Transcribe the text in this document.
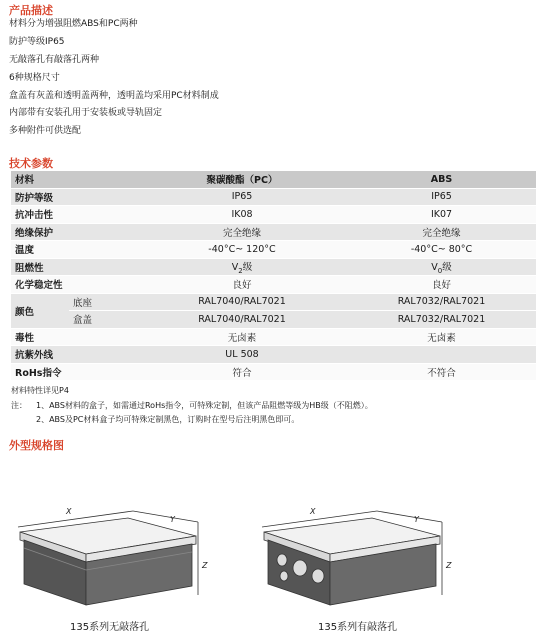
产品描述
材料分为增强阻燃ABS和PC两种
防护等级IP65
无敲落孔有敲落孔两种
6种规格尺寸
盒盖有灰盖和透明盖两种，透明盖均采用PC材料制成
内部带有安装孔用于安装板或导轨固定
多种附件可供选配
技术参数
材料		聚碳酸酯（PC）	ABS
防护等级		IP65	IP65
抗冲击性		IK08	IK07
绝缘保护		完全绝缘	完全绝缘
温度		-40°C~ 120°C	-40°C~ 80°C
阻燃性		$V_2$级	$V_0$级
化学稳定性		良好	良好
颜色	底座	RAL7040/RAL7021	RAL7032/RAL7021
	盒盖	RAL7040/RAL7021	RAL7032/RAL7021
毒性		无卤素	无卤素
抗紫外线		UL 508	
RoHs指令		符合	不符合
材料特性详见P4
注： 1、ABS材料的盒子，如需通过RoHs指令，可特殊定制，但该产品阻燃等级为HB级（不阻燃）。
2、ABS及PC材料盒子均可特殊定制黑色，订购时在型号后注明黑色即可。
外型规格图
X
Y
Z
X
Y
Z
135系列无敲落孔	135系列有敲落孔
